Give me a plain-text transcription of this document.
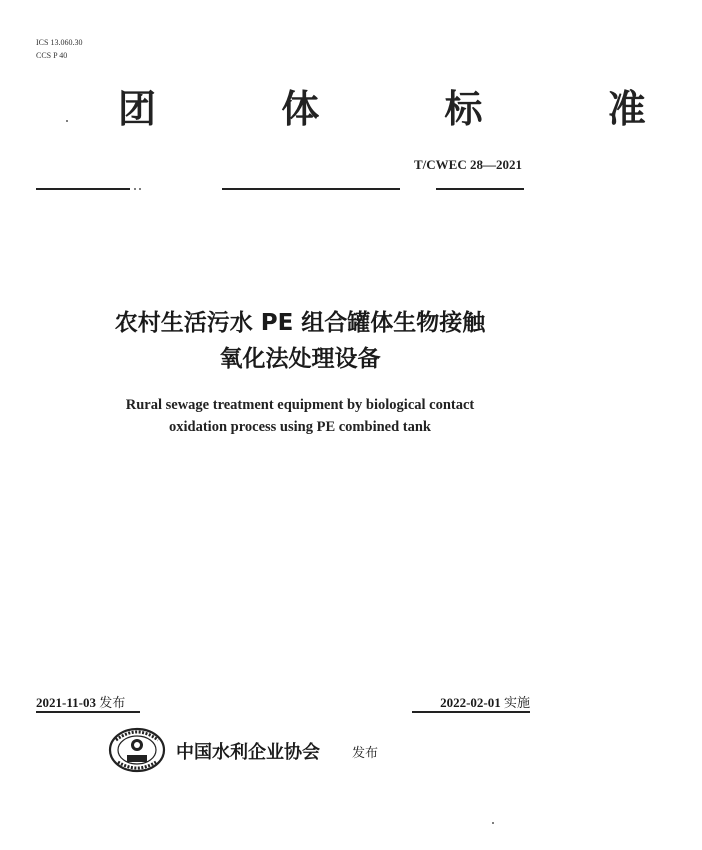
ICS 13.060.30
CCS P 40
团 体 标 准
T/CWEC 28—2021
农村生活污水 PE 组合罐体生物接触
氧化法处理设备
Rural sewage treatment equipment by biological contact
oxidation process using PE combined tank
2021-11-03 发布	2022-02-01 实施
中国水利企业协会 发布
